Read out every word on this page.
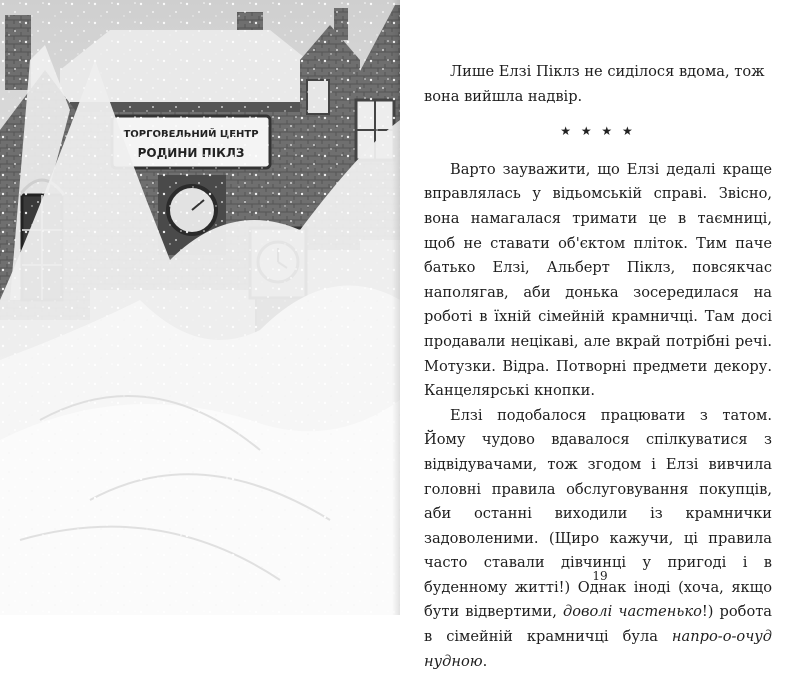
Лише Елзі Піклз не сиділося вдома, тож вона вийшла надвір.

★ ★ ★ ★

Варто зауважити, що Елзі дедалі краще вправлялась у відьомській справі. Звісно, вона намагалася тримати це в таємниці, щоб не ставати об'єктом пліток. Тим паче батько Елзі, Альберт Піклз, повсякчас наполягав, аби донька зосередилася на роботі в їхній сімейній крамничці. Там досі продавали нецікаві, але вкрай потрібні речі. Мотузки. Відра. Потворні предмети декору. Канцелярські кнопки.

Елзі подобалося працювати з татом. Йому чудово вдавалося спілкуватися з відвідувачами, тож згодом і Елзі вивчила головні правила обслуговування покупців, аби останні виходили із крамнички задоволеними. (Щиро кажучи, ці правила часто ставали дівчинці у пригоді і в буденному житті!) Однак іноді (хоча, якщо бути відвертими, доволі частенько!) робота в сімейній крамничці була напро-о-очуд нудною.

19
